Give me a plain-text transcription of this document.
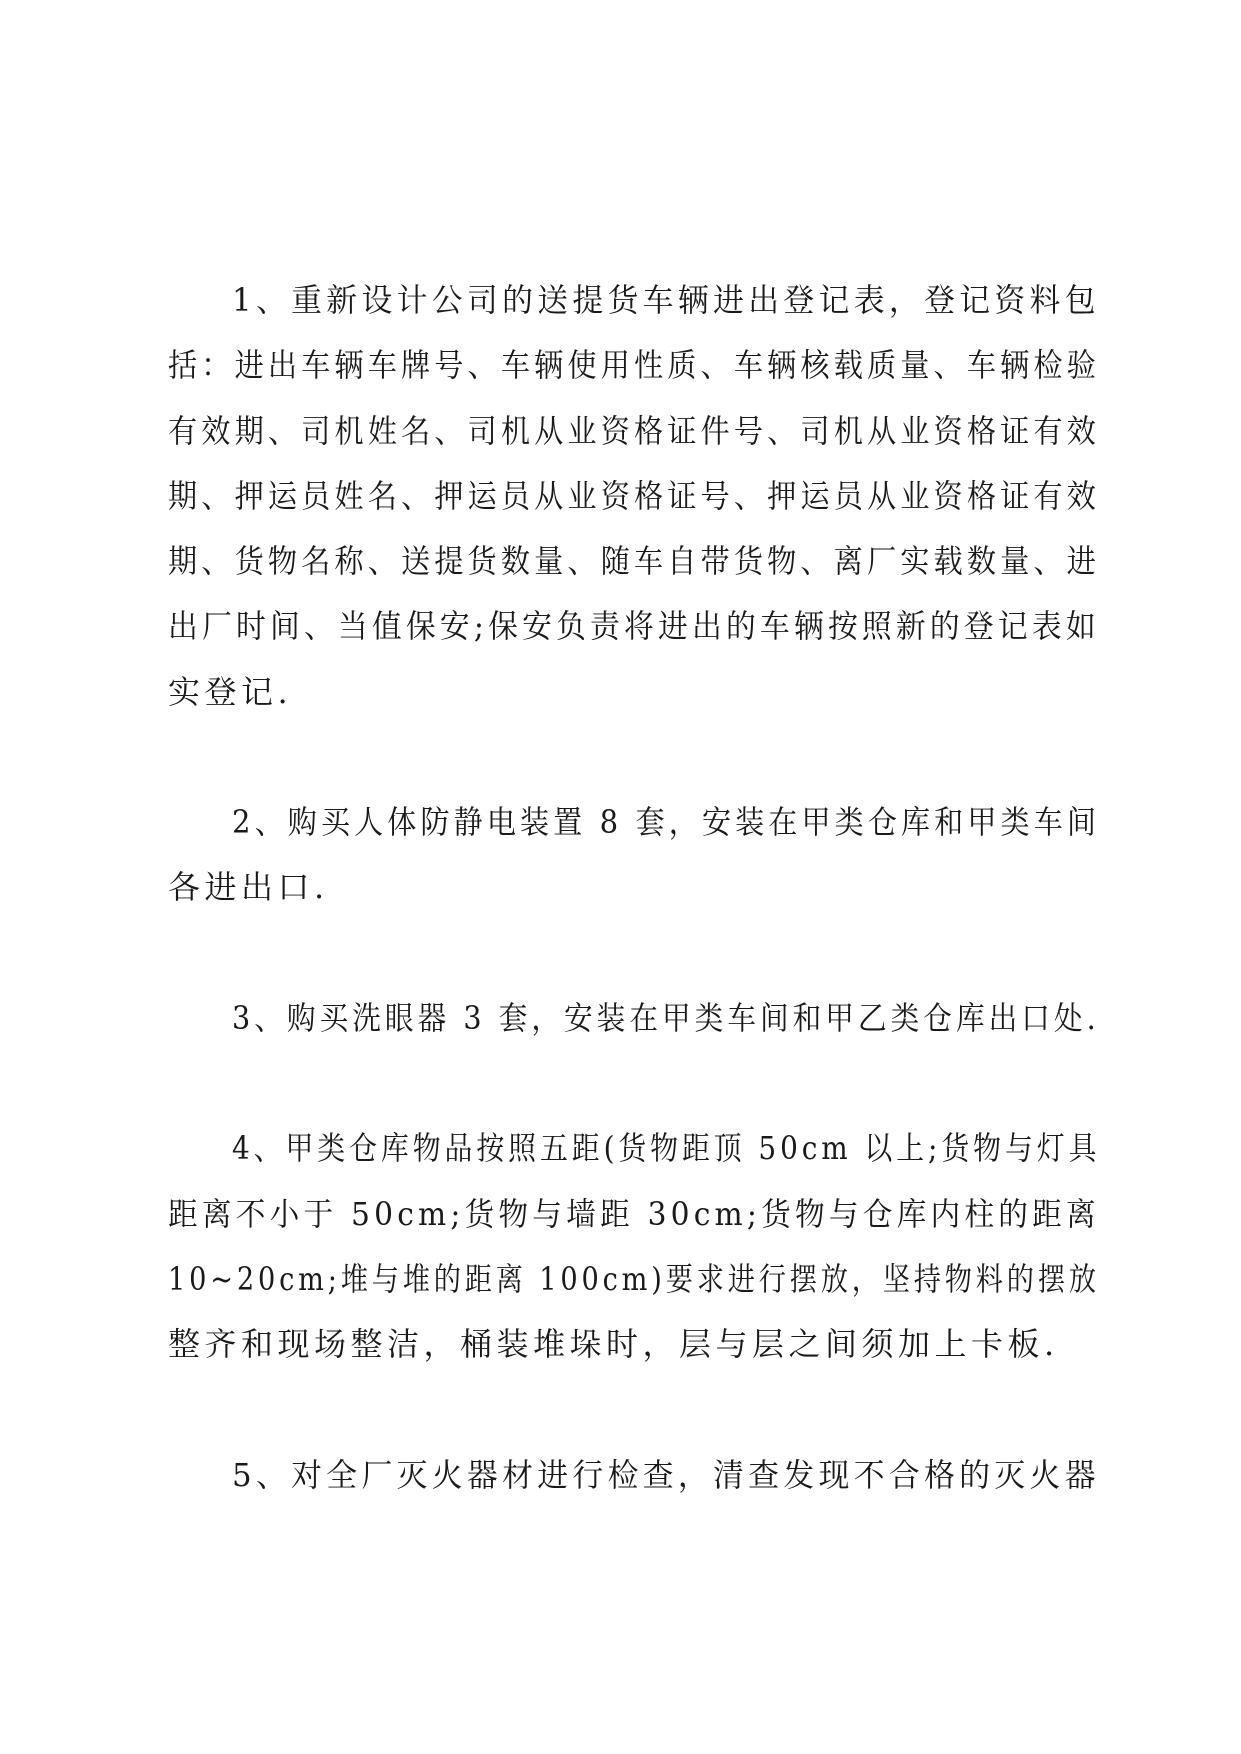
1、重新设计公司的送提货车辆进出登记表，登记资料包

括：进出车辆车牌号、车辆使用性质、车辆核载质量、车辆检验

有效期、司机姓名、司机从业资格证件号、司机从业资格证有效

期、押运员姓名、押运员从业资格证号、押运员从业资格证有效

期、货物名称、送提货数量、随车自带货物、离厂实载数量、进

出厂时间、当值保安;保安负责将进出的车辆按照新的登记表如

实登记.

2、购买人体防静电装置 8 套，安装在甲类仓库和甲类车间

各进出口.

3、购买洗眼器 3 套，安装在甲类车间和甲乙类仓库出口处.

4、甲类仓库物品按照五距(货物距顶 50cm 以上;货物与灯具

距离不小于 50cm;货物与墙距 30cm;货物与仓库内柱的距离

10~20cm;堆与堆的距离 100cm)要求进行摆放，坚持物料的摆放

整齐和现场整洁，桶装堆垛时，层与层之间须加上卡板.

5、对全厂灭火器材进行检查，清查发现不合格的灭火器
